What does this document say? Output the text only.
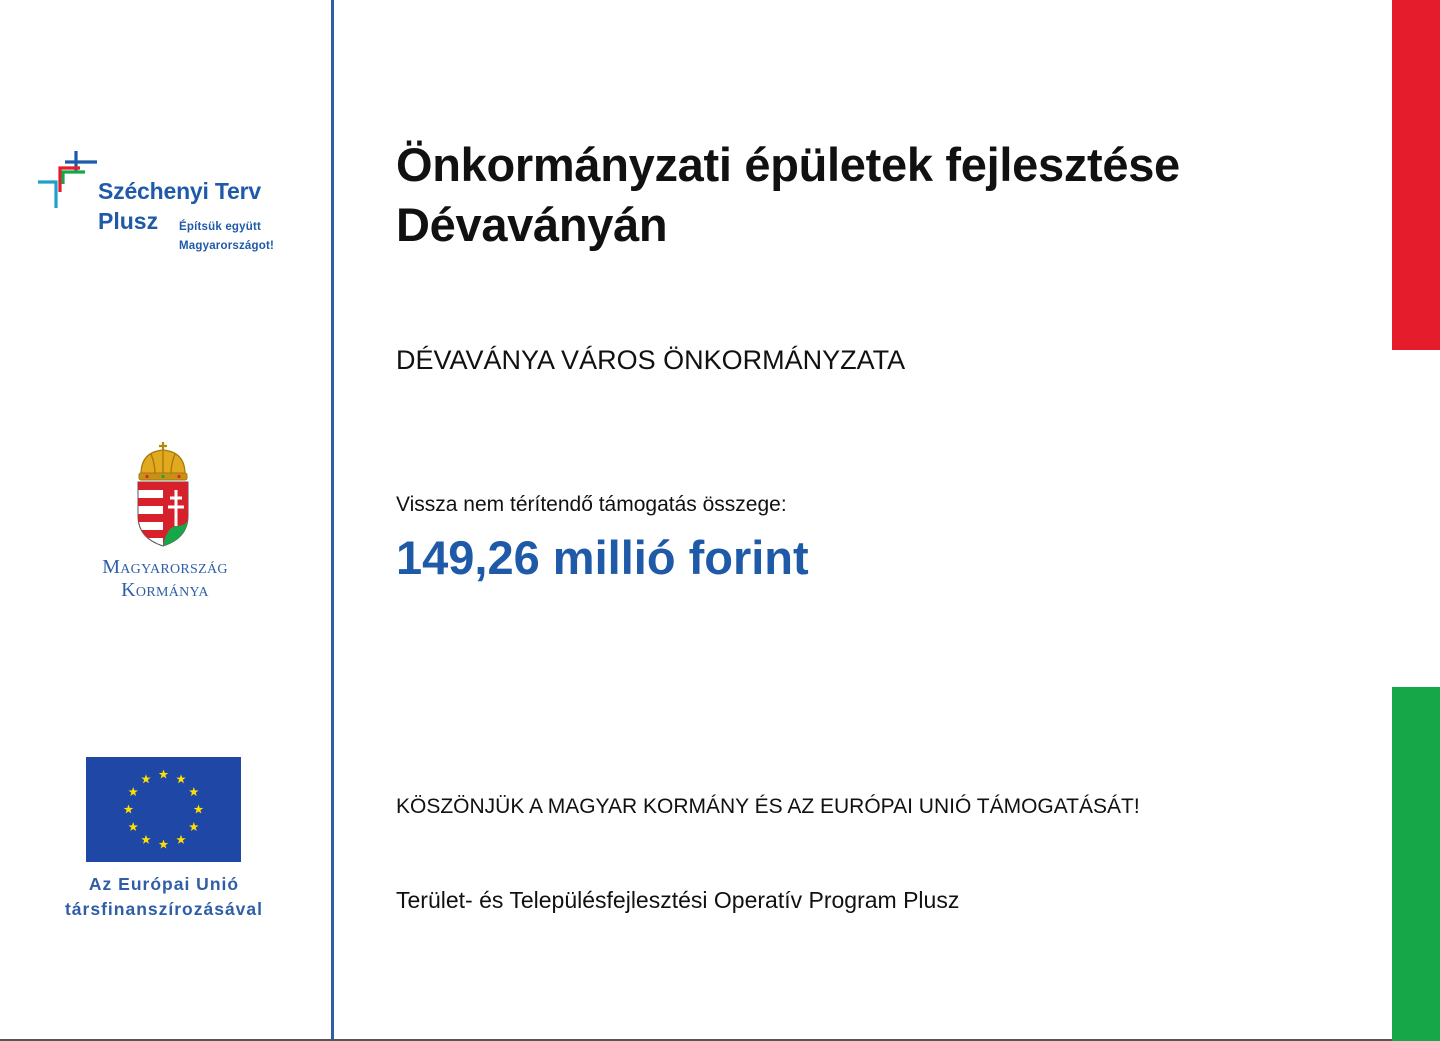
Széchenyi Terv
Plusz Építsük együtt
Magyarországot!
Magyarország
Kormánya
Az Európai Unió
társfinanszírozásával
Önkormányzati épületek fejlesztése
Dévaványán
DÉVAVÁNYA VÁROS ÖNKORMÁNYZATA
Vissza nem térítendő támogatás összege:
149,26 millió forint
KÖSZÖNJÜK A MAGYAR KORMÁNY ÉS AZ EURÓPAI UNIÓ TÁMOGATÁSÁT!
Terület- és Településfejlesztési Operatív Program Plusz
